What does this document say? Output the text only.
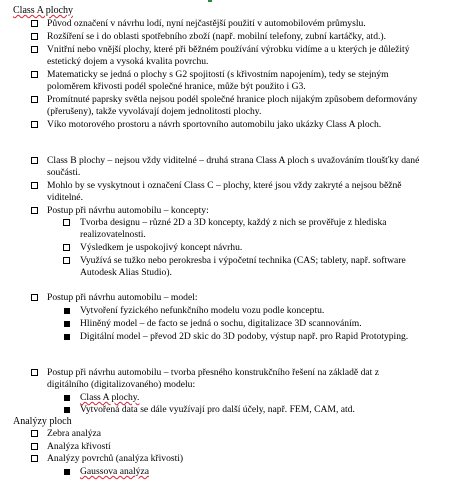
Class A plochy
Původ označení v návrhu lodí, nyní nejčastější použití v automobilovém průmyslu.
Rozšíření se i do oblasti spotřebního zboží (např. mobilní telefony, zubní kartáčky, atd.).
Vnitřní nebo vnější plochy, které při běžném používání výrobku vidíme a u kterých je důležitý
estetický dojem a vysoká kvalita povrchu.
Matematicky se jedná o plochy s G2 spojitostí (s křivostním napojením), tedy se stejným
poloměrem křivosti podél společné hranice, může být použito i G3.
Promítnuté paprsky světla nejsou podél společné hranice ploch nijakým způsobem deformovány
(přerušeny), takže vyvolávají dojem jednolitosti plochy.
Víko motorového prostoru a návrh sportovního automobilu jako ukázky Class A ploch.
Class B plochy – nejsou vždy viditelné – druhá strana Class A ploch s uvažováním tloušťky dané
součásti.
Mohlo by se vyskytnout i označení Class C – plochy, které jsou vždy zakryté a nejsou běžně
viditelné.
Postup při návrhu automobilu – koncepty:
Tvorba designu – různé 2D a 3D koncepty, každý z nich se prověřuje z hlediska
realizovatelnosti.
Výsledkem je uspokojivý koncept návrhu.
Využívá se tužko nebo perokresba i výpočetní technika (CAS; tablety, např. software
Autodesk Alias Studio).
Postup při návrhu automobilu – model:
Vytvoření fyzického nefunkčního modelu vozu podle konceptu.
Hliněný model – de facto se jedná o sochu, digitalizace 3D scannováním.
Digitální model – převod 2D skic do 3D podoby, výstup např. pro Rapid Prototyping.
Postup při návrhu automobilu – tvorba přesného konstrukčního řešení na základě dat z
digitálního (digitalizovaného) modelu:
Class A plochy.
Vytvořená data se dále využívají pro další účely, např. FEM, CAM, atd.
Analýzy ploch
Zebra analýza
Analýza křivostí
Analýzy povrchů (analýza křivosti)
Gaussova analýza
